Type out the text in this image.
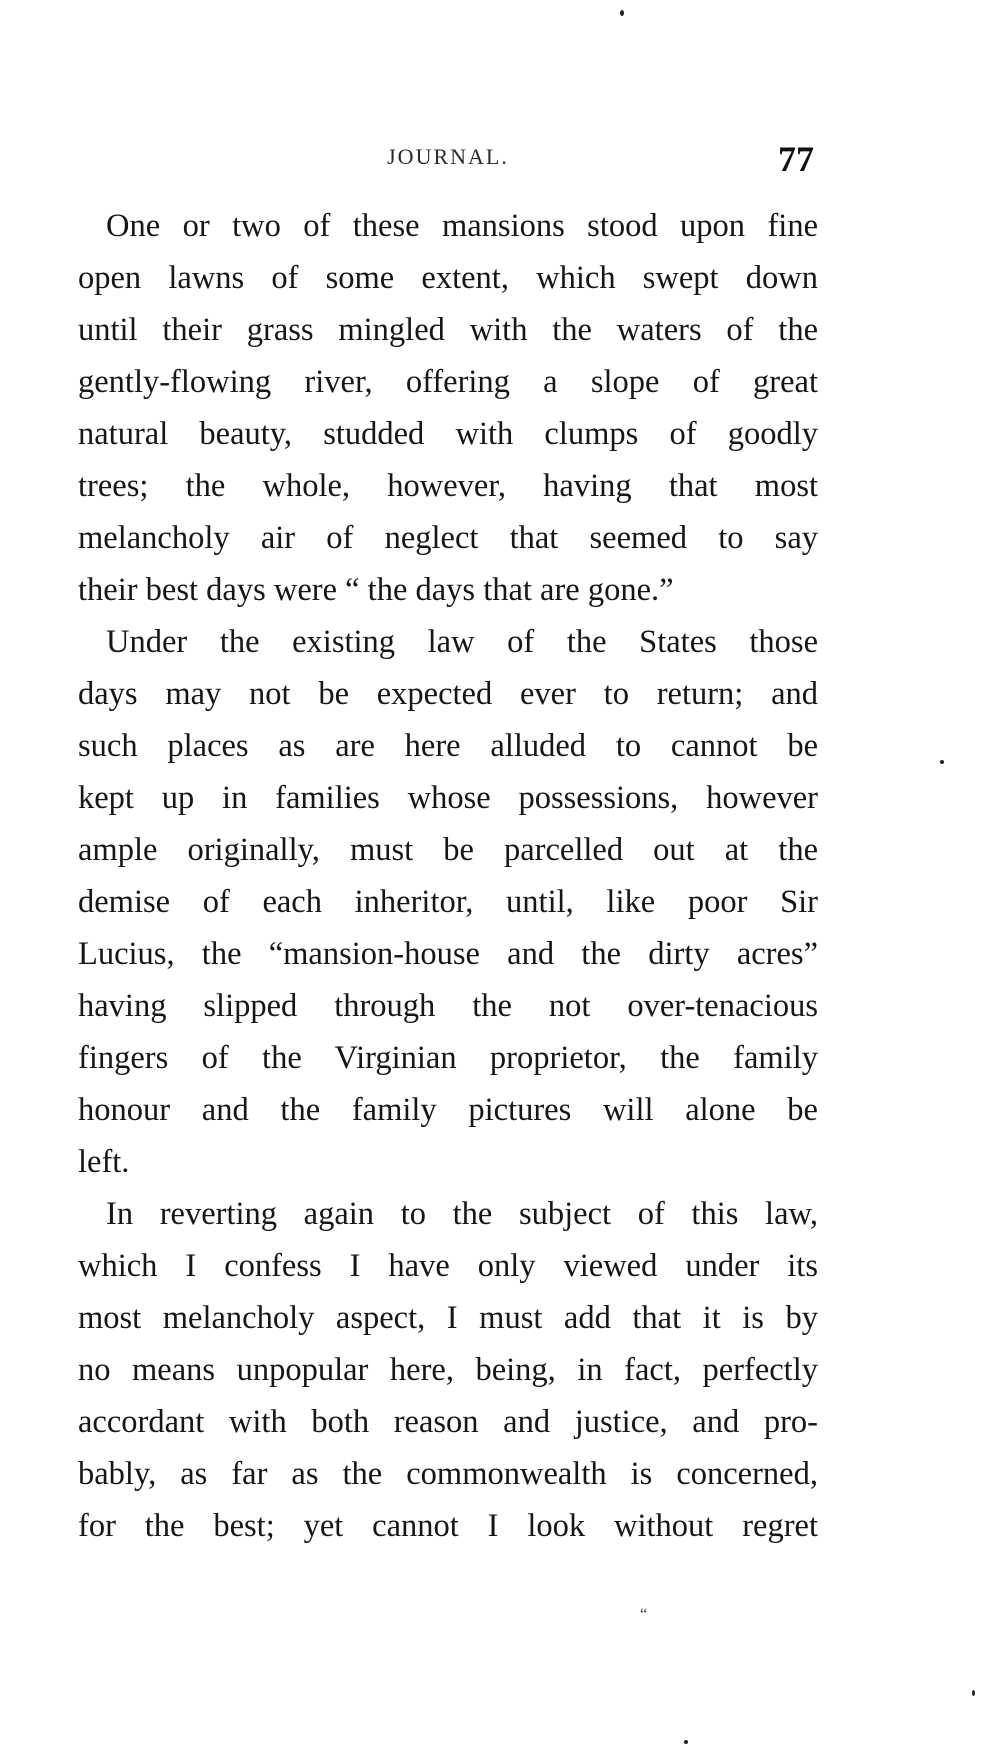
JOURNAL.	77
One or two of these mansions stood upon fine
open lawns of some extent, which swept down
until their grass mingled with the waters of the
gently-flowing river, offering a slope of great
natural beauty, studded with clumps of goodly
trees; the whole, however, having that most
melancholy air of neglect that seemed to say
their best days were “ the days that are gone.”
Under the existing law of the States those
days may not be expected ever to return; and
such places as are here alluded to cannot be
kept up in families whose possessions, however
ample originally, must be parcelled out at the
demise of each inheritor, until, like poor Sir
Lucius, the “mansion-house and the dirty acres”
having slipped through the not over-tenacious
fingers of the Virginian proprietor, the family
honour and the family pictures will alone be
left.
In reverting again to the subject of this law,
which I confess I have only viewed under its
most melancholy aspect, I must add that it is by
no means unpopular here, being, in fact, perfectly
accordant with both reason and justice, and pro-
bably, as far as the commonwealth is concerned,
for the best; yet cannot I look without regret
“
